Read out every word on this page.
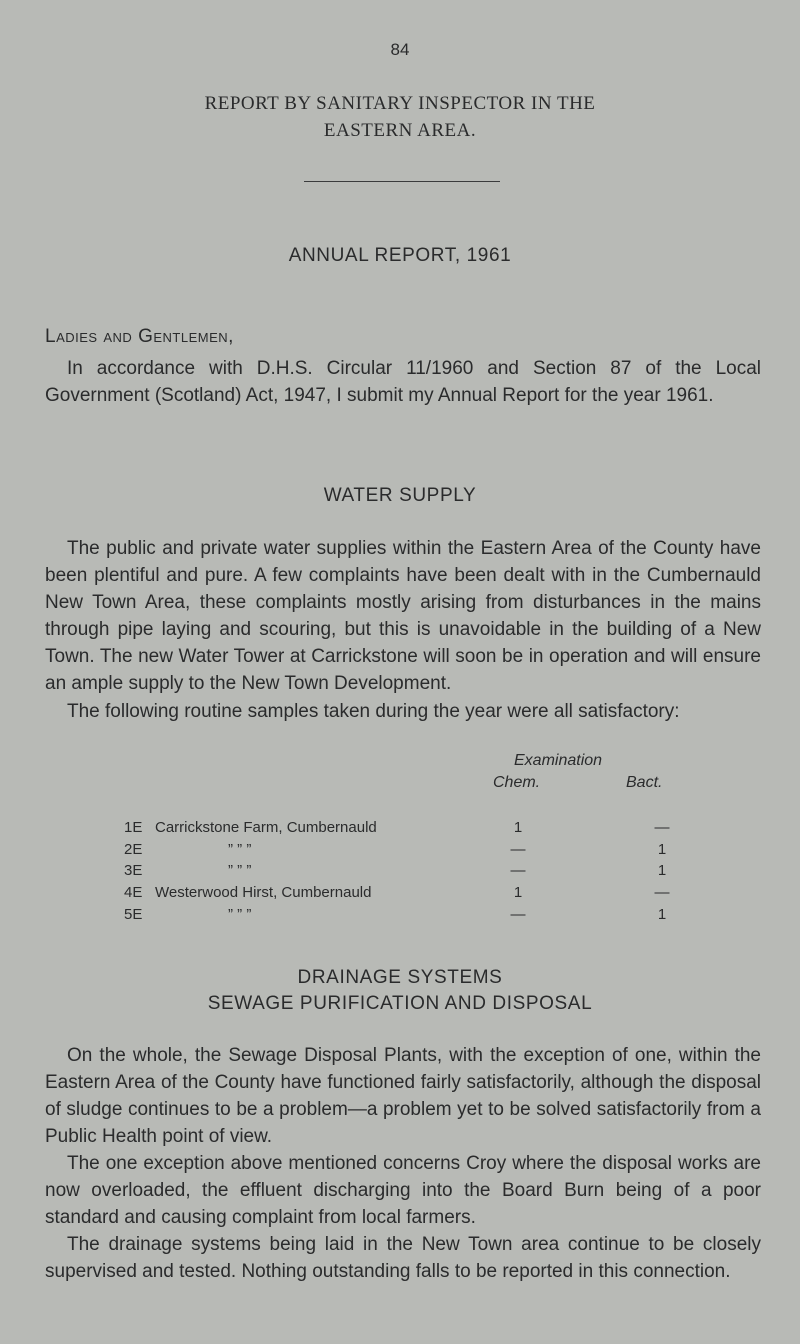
84
REPORT BY SANITARY INSPECTOR IN THE
EASTERN AREA.
ANNUAL REPORT, 1961
Ladies and Gentlemen,

In accordance with D.H.S. Circular 11/1960 and Section 87 of the Local Government (Scotland) Act, 1947, I submit my Annual Report for the year 1961.

WATER SUPPLY

The public and private water supplies within the Eastern Area of the County have been plentiful and pure. A few complaints have been dealt with in the Cumbernauld New Town Area, these complaints mostly arising from disturbances in the mains through pipe laying and scouring, but this is unavoidable in the building of a New Town. The new Water Tower at Carrickstone will soon be in operation and will ensure an ample supply to the New Town Development.

The following routine samples taken during the year were all satisfactory:

Examination
Chem.	Bact.
1E Carrickstone Farm, Cumbernauld	1	—
2E	” ” ”	—	1
3E	” ” ”	—	1
4E Westerwood Hirst, Cumbernauld	1	—
5E	” ” ”	—	1
DRAINAGE SYSTEMS
SEWAGE PURIFICATION AND DISPOSAL

On the whole, the Sewage Disposal Plants, with the exception of one, within the Eastern Area of the County have functioned fairly satisfactorily, although the disposal of sludge continues to be a problem—a problem yet to be solved satisfactorily from a Public Health point of view.

The one exception above mentioned concerns Croy where the disposal works are now overloaded, the effluent discharging into the Board Burn being of a poor standard and causing complaint from local farmers.

The drainage systems being laid in the New Town area continue to be closely supervised and tested. Nothing outstanding falls to be reported in this connection.
